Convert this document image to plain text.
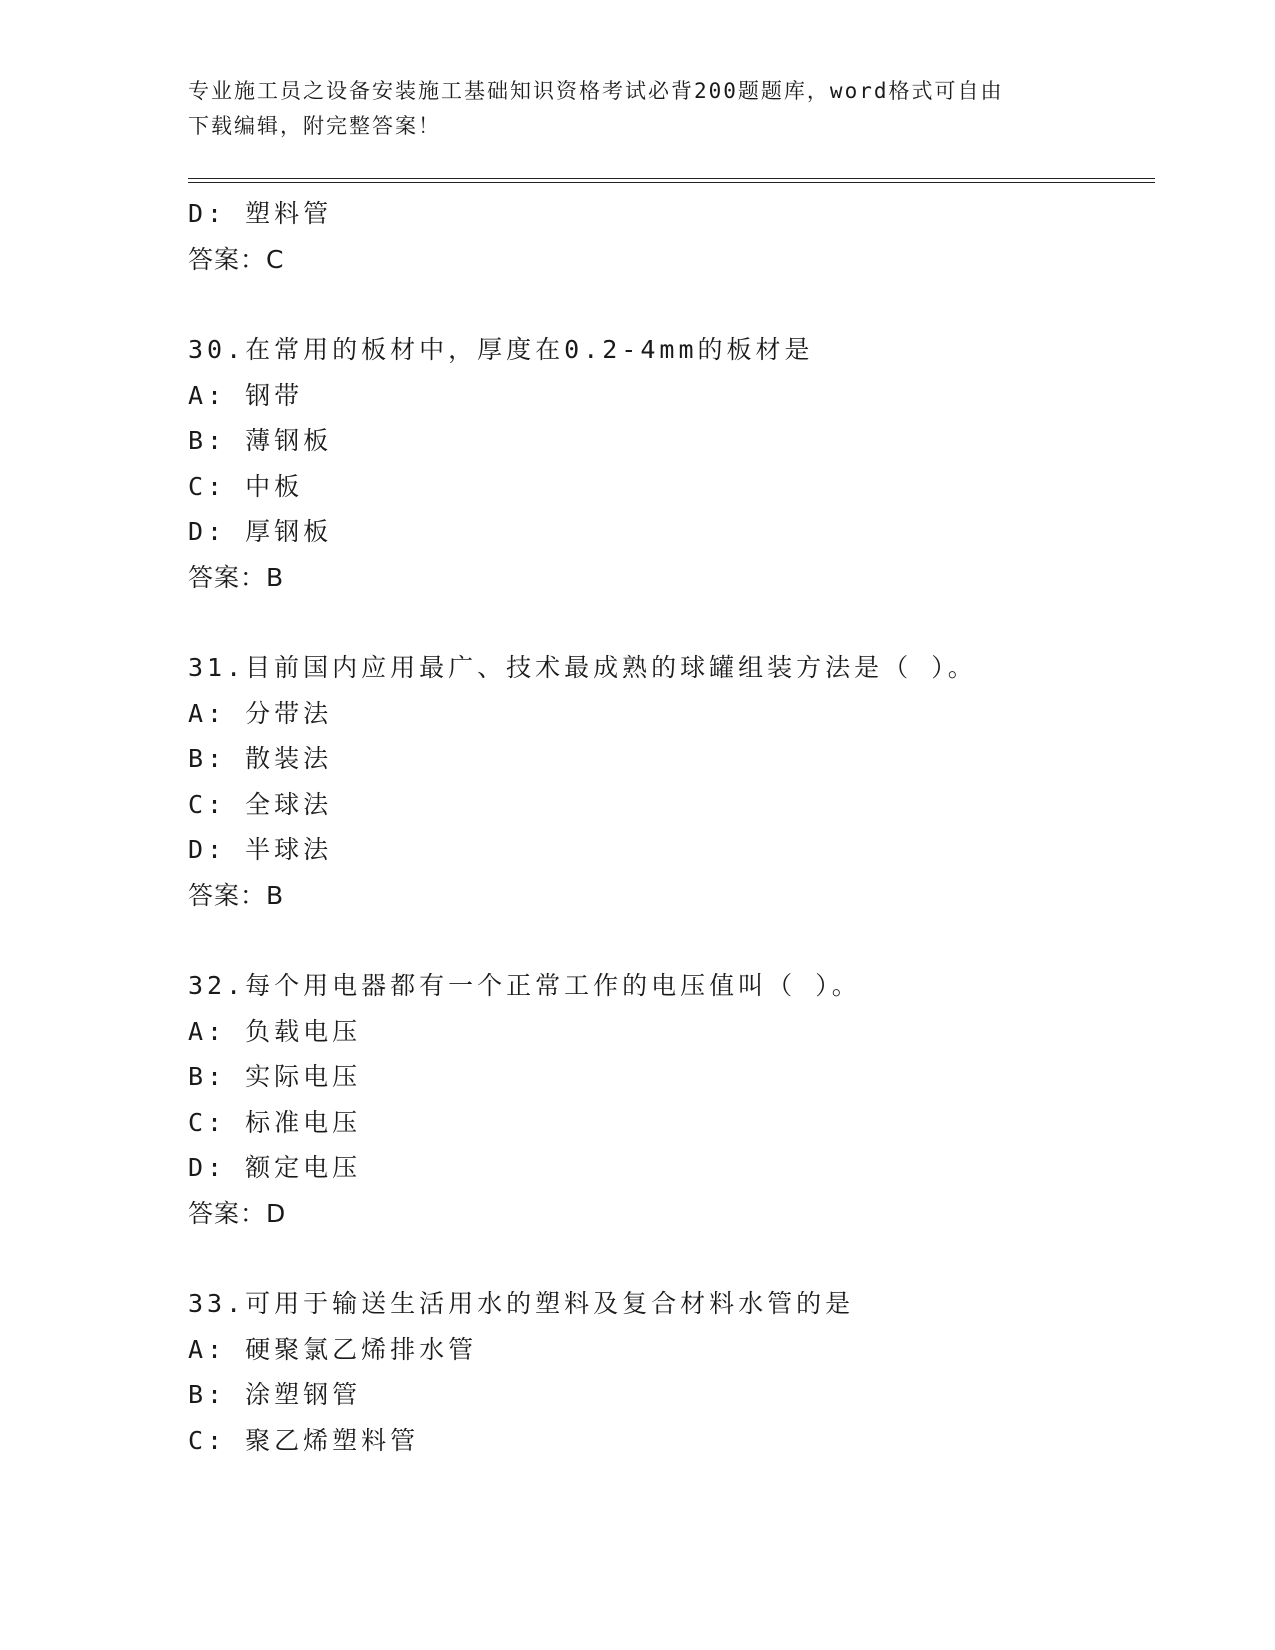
专业施工员之设备安装施工基础知识资格考试必背200题题库，word格式可自由
下载编辑，附完整答案！
D: 塑料管
答案：C
30.在常用的板材中，厚度在0.2-4mm的板材是
A: 钢带
B: 薄钢板
C: 中板
D: 厚钢板
答案：B
31.目前国内应用最广、技术最成熟的球罐组装方法是（ ）。
A: 分带法
B: 散装法
C: 全球法
D: 半球法
答案：B
32.每个用电器都有一个正常工作的电压值叫（ ）。
A: 负载电压
B: 实际电压
C: 标准电压
D: 额定电压
答案：D
33.可用于输送生活用水的塑料及复合材料水管的是
A: 硬聚氯乙烯排水管
B: 涂塑钢管
C: 聚乙烯塑料管
